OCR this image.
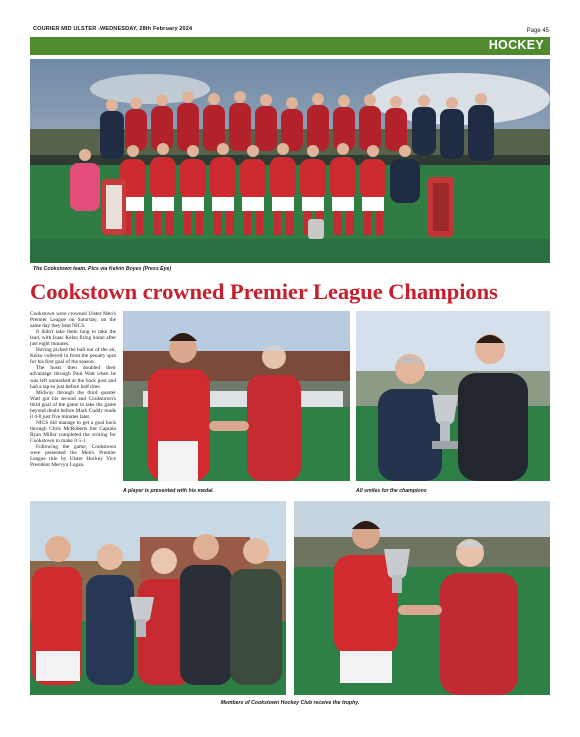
COURIER MID ULSTER -WEDNESDAY, 28th February 2024	Page 45
HOCKEY
The Cookstown team. Pics via Kelvin Boyes (Press Eye)
Cookstown crowned Premier League Champions

Cookstown were crowned Ulster Men's Premier League on Saturday, on the same day they beat NICS.

It didn't take them long to take the lead, with Isaac Kelso firing home after just eight minutes.

Having picked the ball out of the air, Kelso volleyed in from the penalty spot for his first goal of the season.

The hosts then doubled their advantage through Paul Watt when he was left unmarked at the back post and had a tap-in just before half time.

Midway through the third quarter Watt got his second and Cookstown's third goal of the game to take the game beyond doubt before Mark Cuddy made it 4-0 just five minutes later.

NICS did manage to get a goal back through Chris McRoberts but Captain Ryan Millar completed the scoring for Cookstown to make it 5-1.

Following the game, Cookstown were presented the Men's Premier League title by Ulster Hockey Vice President Mervyn Logan.

A player is presented with his medal.	All smiles for the champions
Members of Cookstown Hockey Club receive the trophy.
